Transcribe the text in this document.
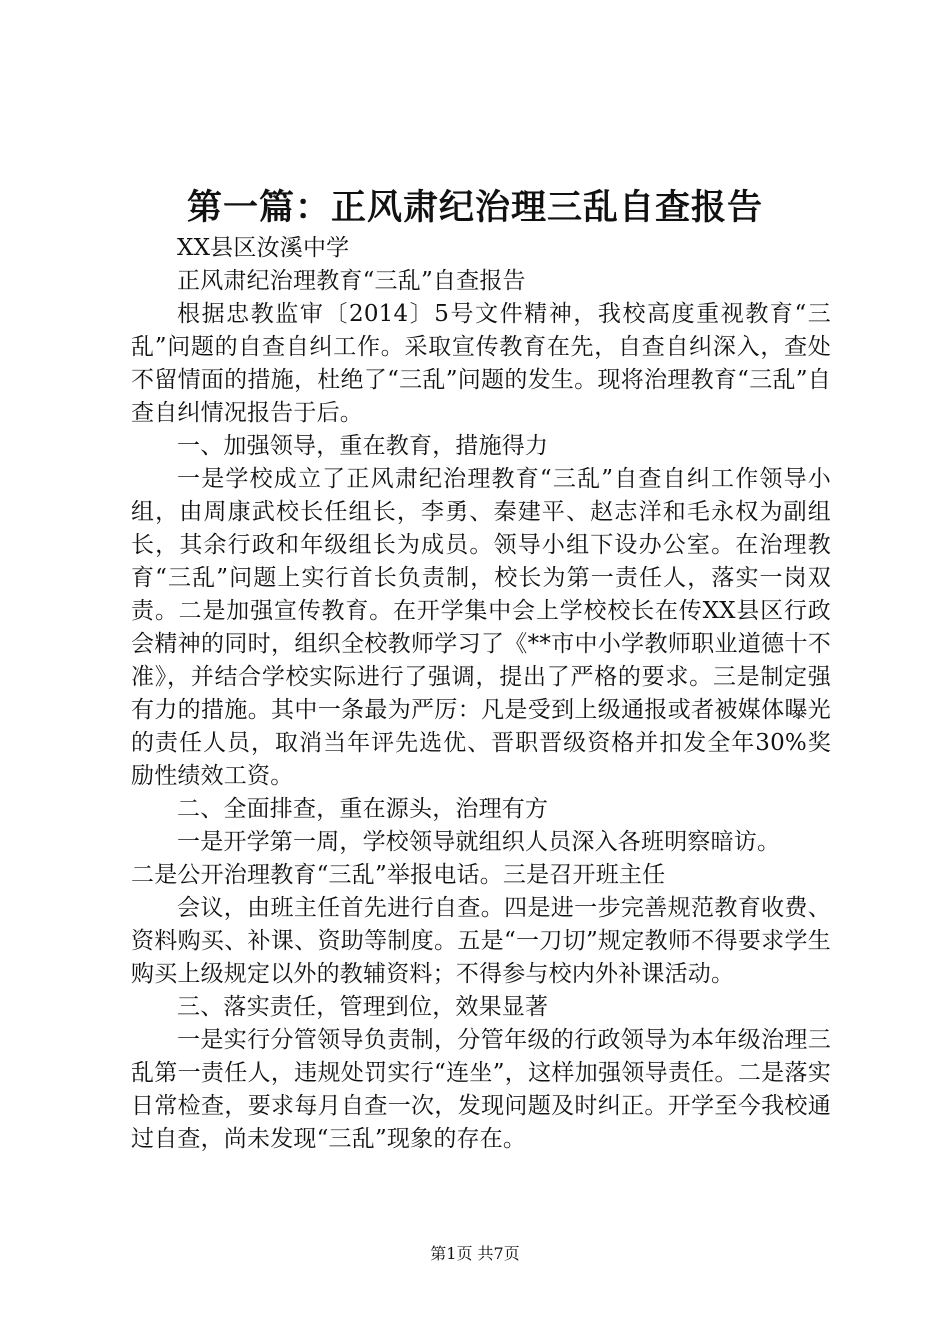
第一篇：正风肃纪治理三乱自查报告

XX县区汝溪中学

正风肃纪治理教育“三乱”自查报告

根据忠教监审〔2014〕5号文件精神，我校高度重视教育“三乱”问题的自查自纠工作。采取宣传教育在先，自查自纠深入，查处不留情面的措施，杜绝了“三乱”问题的发生。现将治理教育“三乱”自查自纠情况报告于后。

一、加强领导，重在教育，措施得力

一是学校成立了正风肃纪治理教育“三乱”自查自纠工作领导小组，由周康武校长任组长，李勇、秦建平、赵志洋和毛永权为副组长，其余行政和年级组长为成员。领导小组下设办公室。在治理教育“三乱”问题上实行首长负责制，校长为第一责任人，落实一岗双责。二是加强宣传教育。在开学集中会上学校校长在传XX县区行政会精神的同时，组织全校教师学习了《**市中小学教师职业道德十不准》，并结合学校实际进行了强调，提出了严格的要求。三是制定强有力的措施。其中一条最为严厉：凡是受到上级通报或者被媒体曝光的责任人员，取消当年评先选优、晋职晋级资格并扣发全年30%奖励性绩效工资。

二、全面排查，重在源头，治理有方

一是开学第一周，学校领导就组织人员深入各班明察暗访。

二是公开治理教育“三乱”举报电话。三是召开班主任

会议，由班主任首先进行自查。四是进一步完善规范教育收费、资料购买、补课、资助等制度。五是“一刀切”规定教师不得要求学生购买上级规定以外的教辅资料；不得参与校内外补课活动。

三、落实责任，管理到位，效果显著

一是实行分管领导负责制，分管年级的行政领导为本年级治理三乱第一责任人，违规处罚实行“连坐”，这样加强领导责任。二是落实日常检查，要求每月自查一次，发现问题及时纠正。开学至今我校通过自查，尚未发现“三乱”现象的存在。

第1页 共7页
